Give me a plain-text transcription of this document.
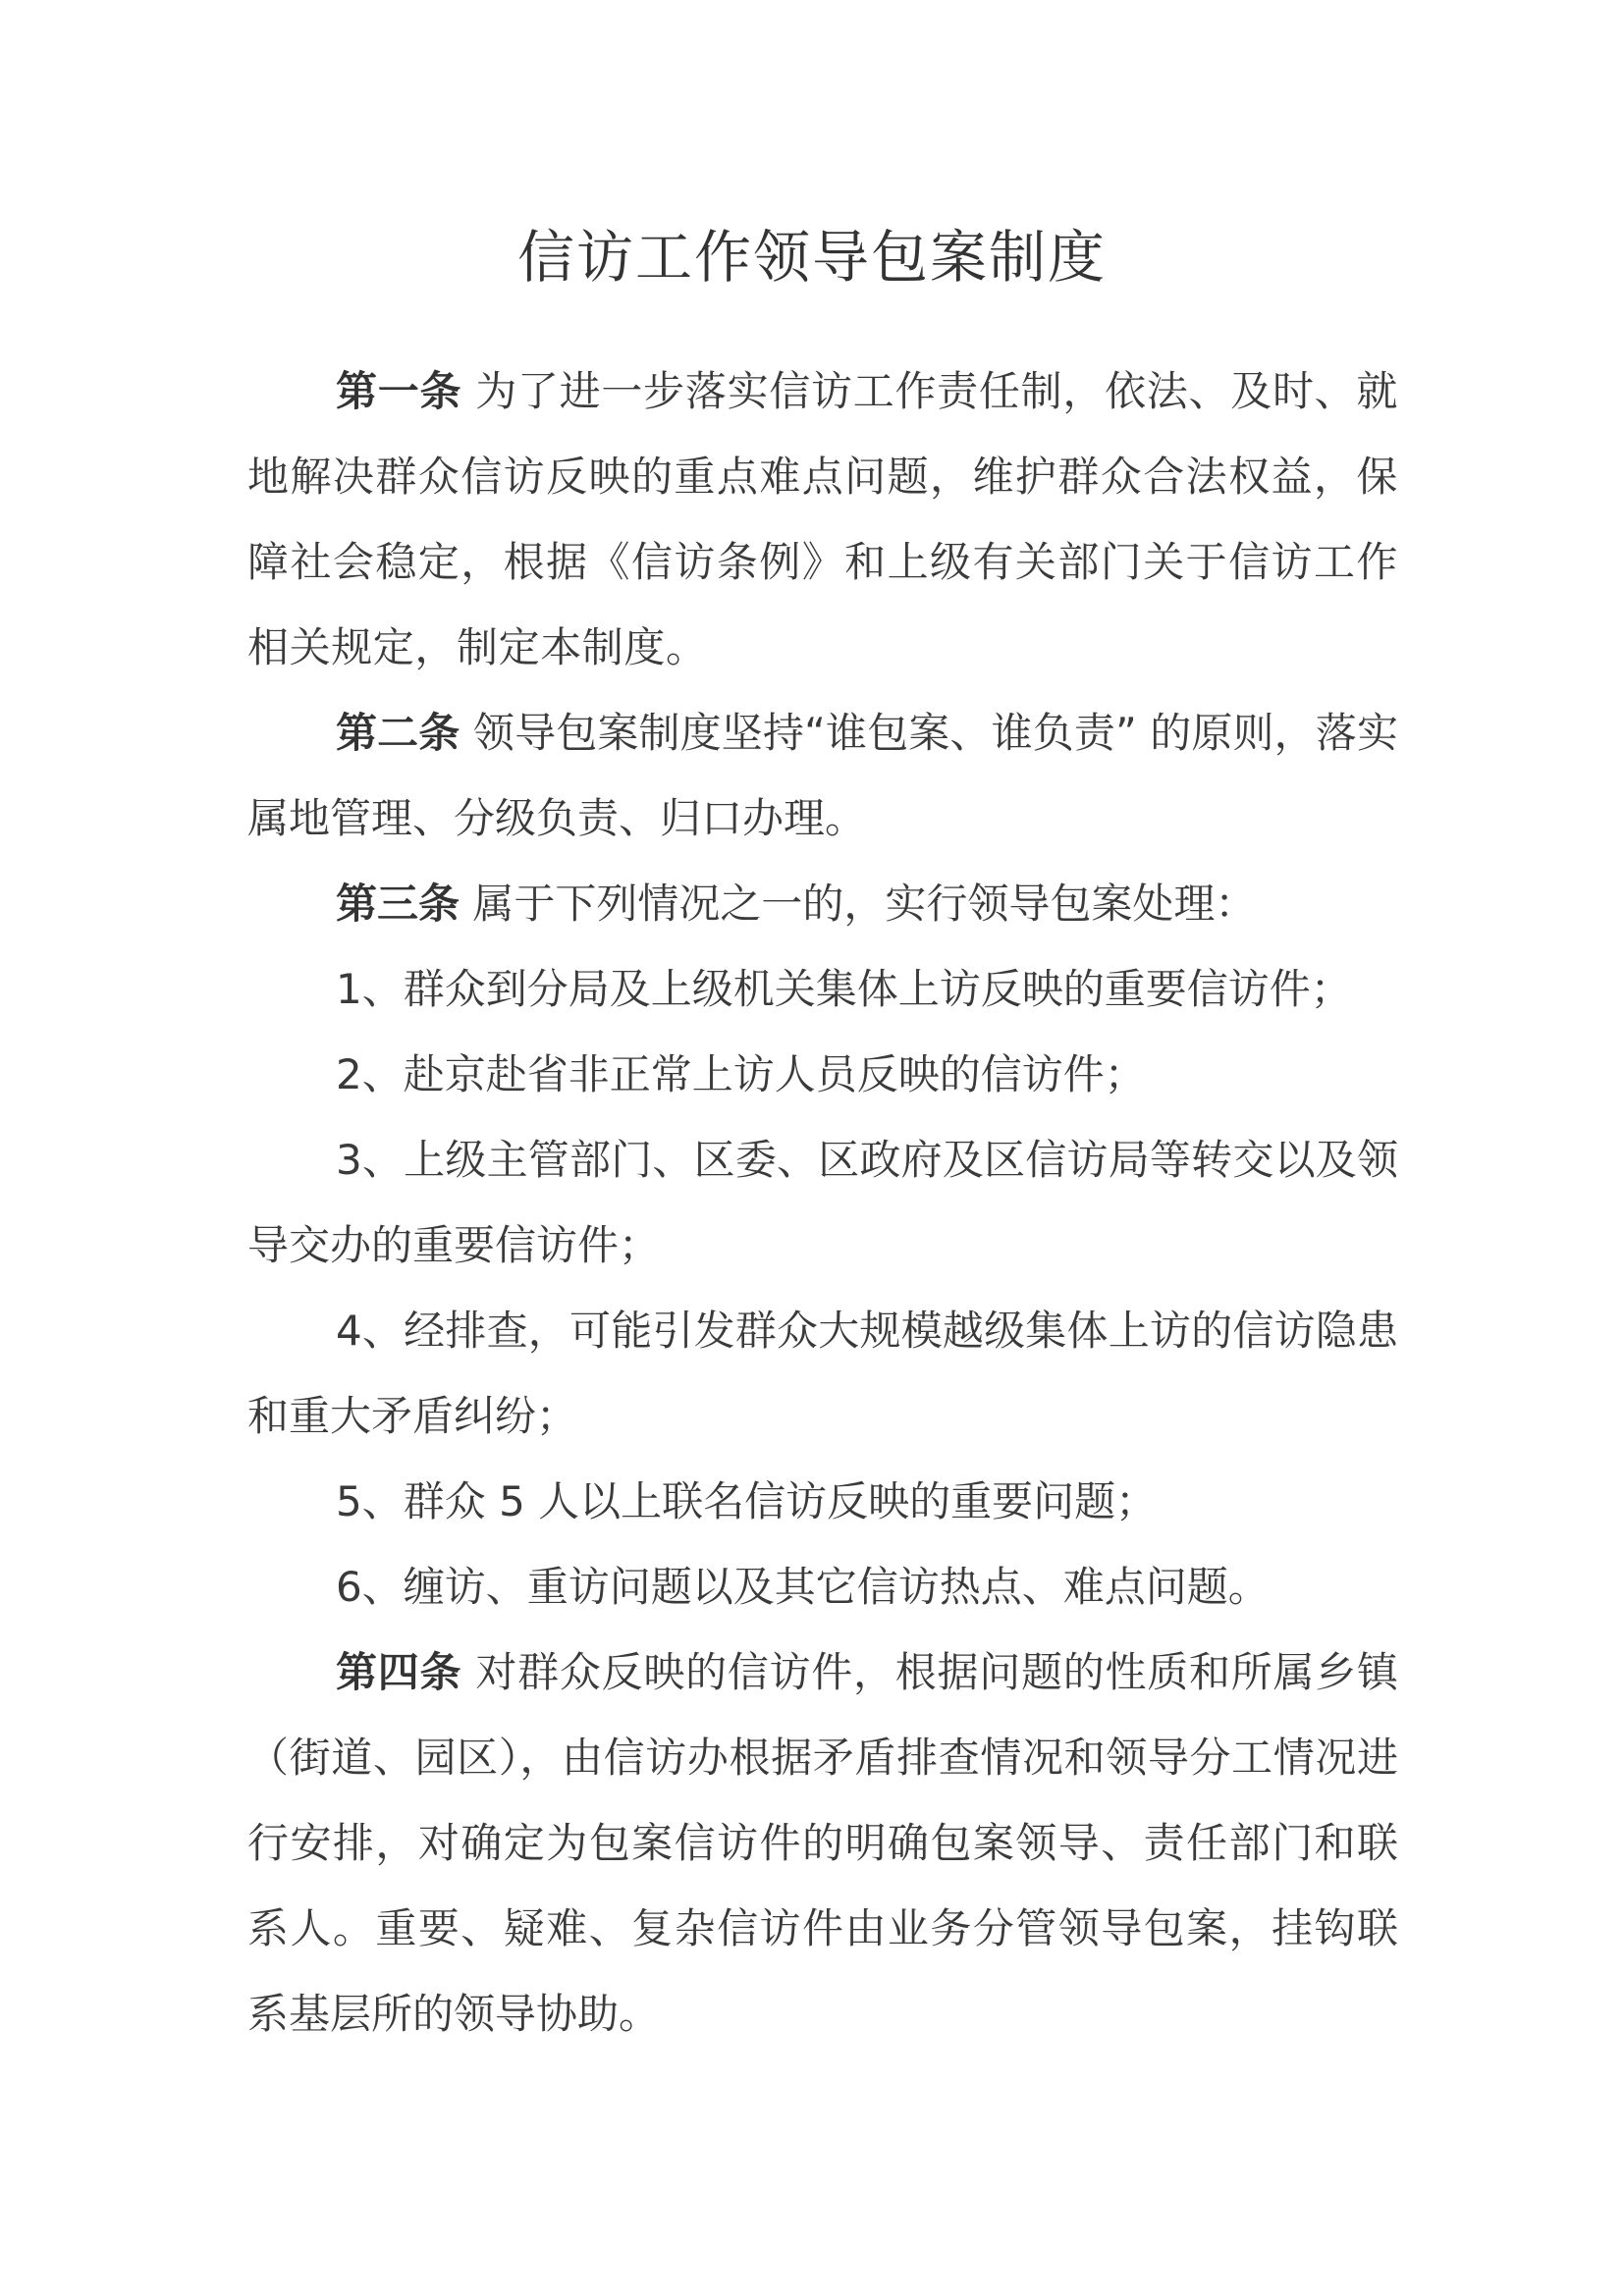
信访工作领导包案制度

第一条 为了进一步落实信访工作责任制，依法、及时、就地解决群众信访反映的重点难点问题，维护群众合法权益，保障社会稳定，根据《信访条例》和上级有关部门关于信访工作相关规定，制定本制度。

第二条 领导包案制度坚持“谁包案、谁负责” 的原则，落实属地管理、分级负责、归口办理。

第三条 属于下列情况之一的，实行领导包案处理：

1、群众到分局及上级机关集体上访反映的重要信访件；

2、赴京赴省非正常上访人员反映的信访件；

3、上级主管部门、区委、区政府及区信访局等转交以及领导交办的重要信访件；

4、经排查，可能引发群众大规模越级集体上访的信访隐患和重大矛盾纠纷；

5、群众 5 人以上联名信访反映的重要问题；

6、缠访、重访问题以及其它信访热点、难点问题。

第四条 对群众反映的信访件，根据问题的性质和所属乡镇（街道、园区），由信访办根据矛盾排查情况和领导分工情况进行安排，对确定为包案信访件的明确包案领导、责任部门和联系人。重要、疑难、复杂信访件由业务分管领导包案，挂钩联系基层所的领导协助。
